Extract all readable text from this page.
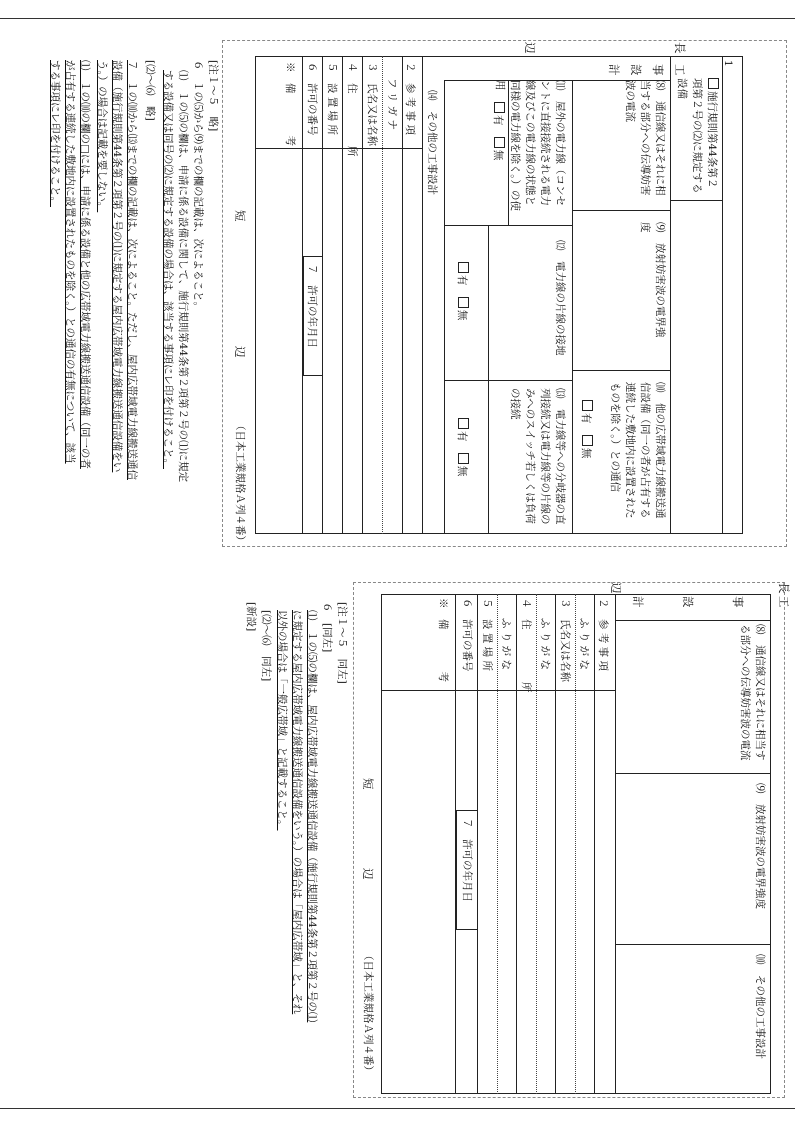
長
工
事
設
計
辺
1
施行規則第44条第２項第２号の⑵に規定する設備
⑻　通信線又はそれに相当する部分への伝導妨害波の電流
⑼　放射妨害波の電界強度
⑽　他の広帯域電力線搬送通信設備（同一の者が占有する連続した敷地内に設置されたものを除く。）との通信
有 無
⑾　屋外の電力線（コンセントに直接接続される電力線及びこの電力線の状態と同様の電力線を除く。）の使用
⑿　電力線の片線の接地
⒀　電力線等への分岐器の直列接続又は電力線等の片線のみへのスイッチ若しくは負荷の接続
有 無
有 無
有 無
⒁　その他の工事設計
２　参 考 事 項
フ リ ガ ナ
３　氏名又は名称
４　住　　　　　所
５　設 置 場 所
６　許可の番号
７　許可の年月日
※　備　　　　考
短
辺
（日本工業規格Ａ列４番）
[注１〜５　略]
６　１の⑸から⑼までの欄の記載は、次によること。
⑴　１の⑸の欄は、申請に係る設備に関して、施行規則第44条第２項第２号の⑴に規定
する設備又は同号の⑵に規定する設備の場合は、該当する事項にレ印を付けること。
[⑵〜⑹　略]
７　１の⑽から⒀までの欄の記載は、次によること。ただし、屋内広帯域電力線搬送通信
設備（施行規則第44条第２項第２号の⑴に規定する屋内広帯域電力線搬送通信設備をい
う。）の場合は記載を要しない。
⑴　１の⑽の欄の□には、申請に係る設備と他の広帯域電力線搬送通信設備（同一の者
が占有する連続した敷地内に設置されたものを除く。）との通信の有無について、該当
する事項にレ印を付けること。
長
工
事
設
計
辺
⑻　通信線又はそれに相当する部分への伝導妨害波の電流
⑼　放射妨害波の電界強度
⑽　その他の工事設計
２　参 考 事 項
ふ り が な
３　氏名又は名称
ふ り が な
４　住　　　　　所
ふ り が な
５　設 置 場 所
６　許可の番号
７　許可の年月日
※　備　　　　考
短
辺
（日本工業規格Ａ列４番）
[注１〜５　同左]
６　[同左]
⑴　１の⑸の欄は、屋内広帯域電力線搬送通信設備（施行規則第44条第２項第２号の⑴
に規定する屋内広帯域電力線搬送通信設備をいう。）の場合は「屋内広帯域」と、それ
以外の場合は「一般広帯域」と記載すること。
[⑵〜⑹　同左]
[新設]
